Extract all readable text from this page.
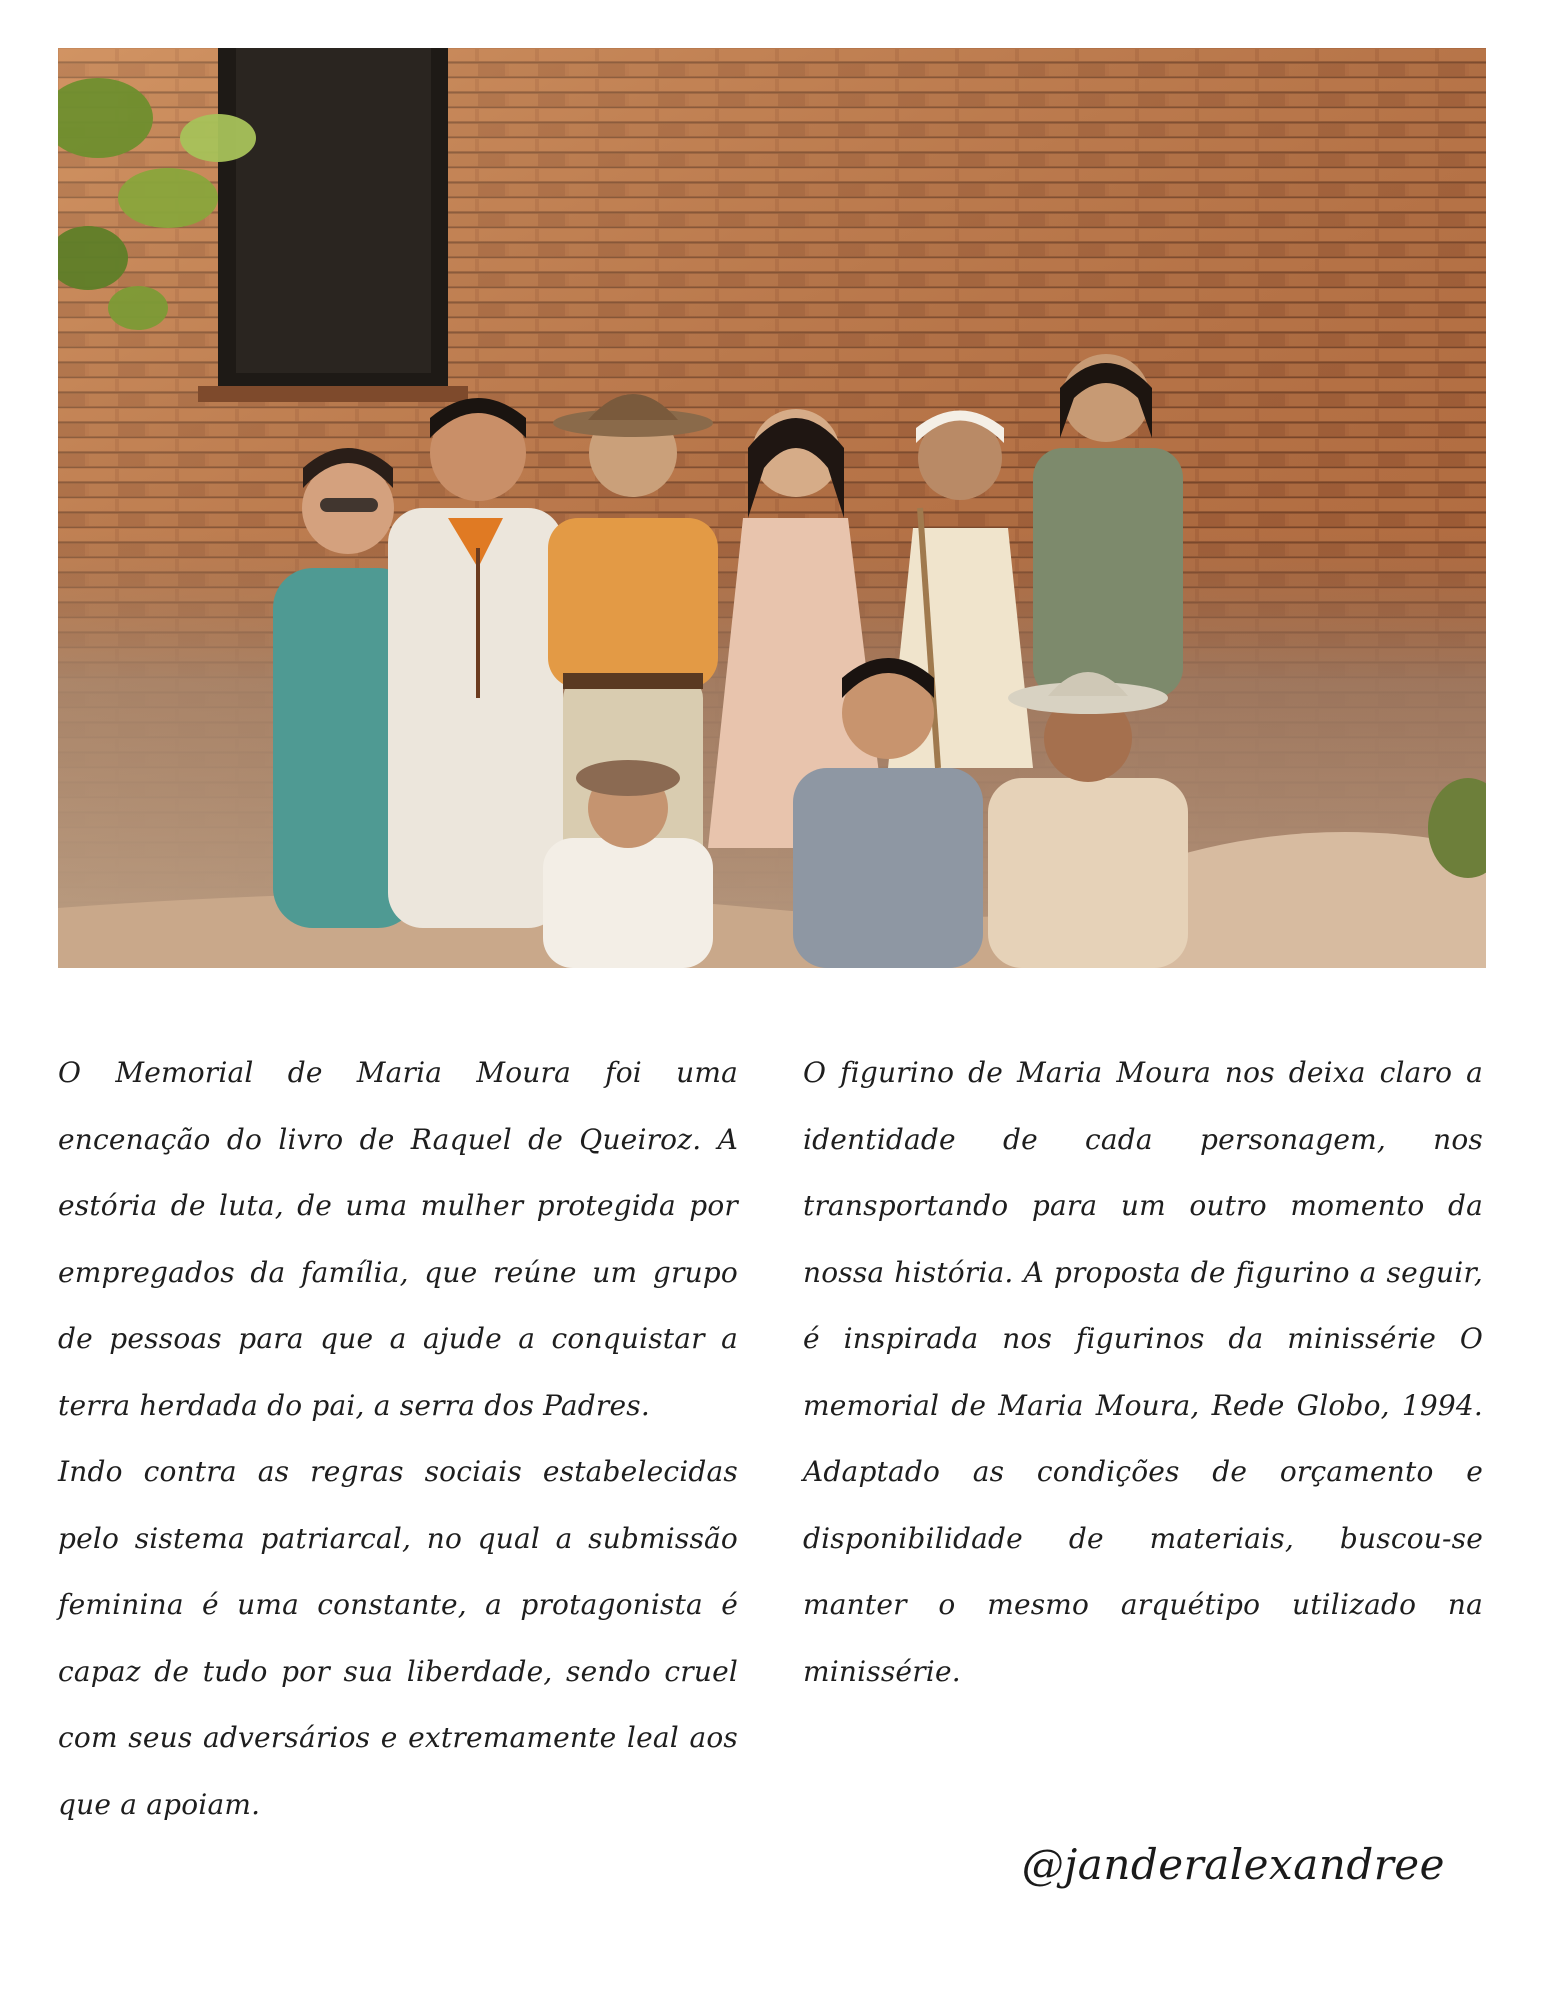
O Memorial de Maria Moura foi uma encenação do livro de Raquel de Queiroz. A estória de luta, de uma mulher protegida por empregados da família, que reúne um grupo de pessoas para que a ajude a conquistar a terra herdada do pai, a serra dos Padres.

Indo contra as regras sociais estabelecidas pelo sistema patriarcal, no qual a submissão feminina é uma constante, a protagonista é capaz de tudo por sua liberdade, sendo cruel com seus adversários e extremamente leal aos que a apoiam.

O figurino de Maria Moura nos deixa claro a identidade de cada personagem, nos transportando para um outro momento da nossa história. A proposta de figurino a seguir, é inspirada nos figurinos da minissérie O memorial de Maria Moura, Rede Globo, 1994. Adaptado as condições de orçamento e disponibilidade de materiais, buscou-se manter o mesmo arquétipo utilizado na minissérie.

@janderalexandree
